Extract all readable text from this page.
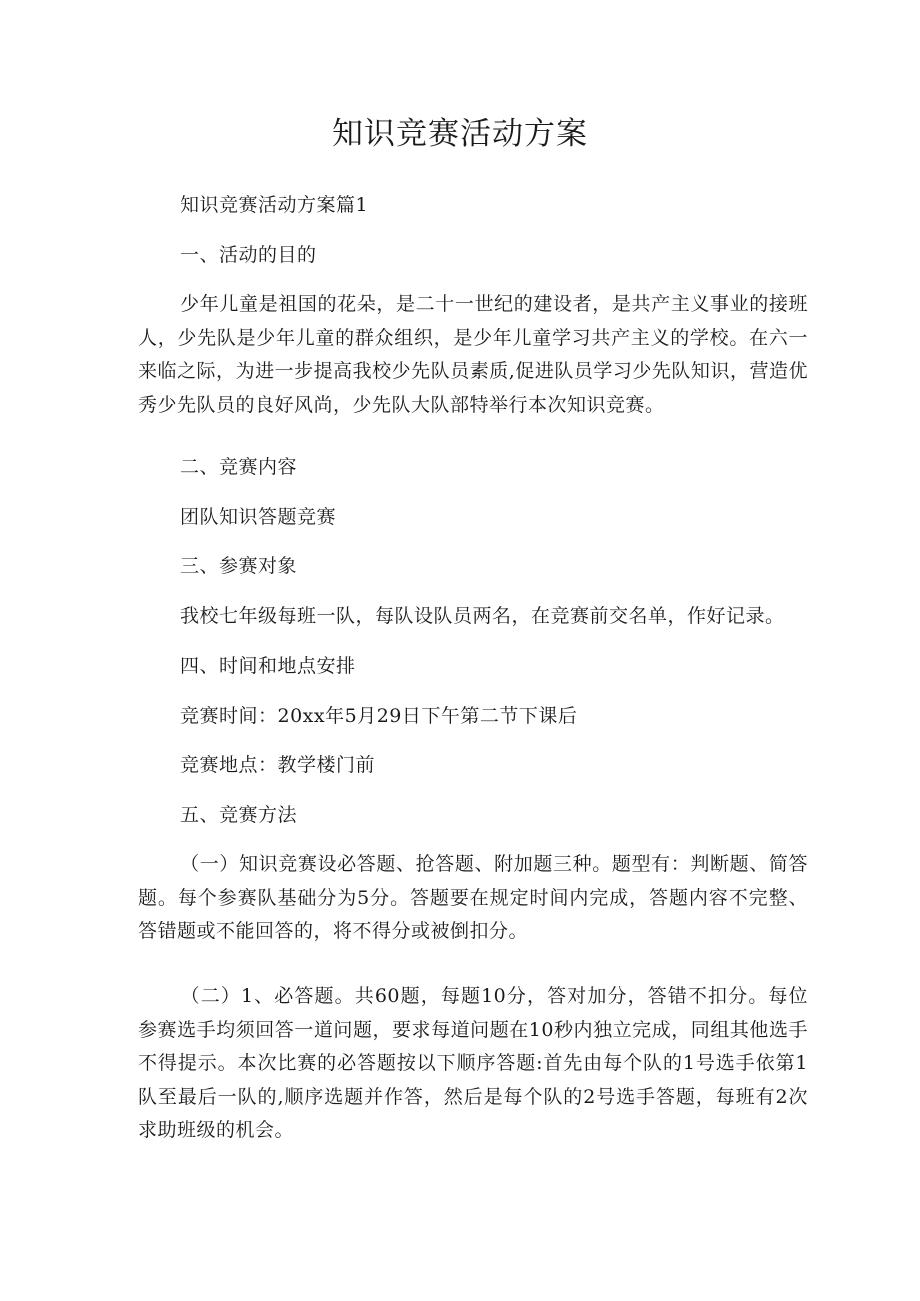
知识竞赛活动方案
知识竞赛活动方案篇1
一、活动的目的
少年儿童是祖国的花朵，是二十一世纪的建设者，是共产主义事业的接班人，少先队是少年儿童的群众组织，是少年儿童学习共产主义的学校。在六一来临之际，为进一步提高我校少先队员素质,促进队员学习少先队知识，营造优秀少先队员的良好风尚，少先队大队部特举行本次知识竞赛。
二、竞赛内容
团队知识答题竞赛
三、参赛对象
我校七年级每班一队，每队设队员两名，在竞赛前交名单，作好记录。
四、时间和地点安排
竞赛时间：20xx年5月29日下午第二节下课后
竞赛地点：教学楼门前
五、竞赛方法
（一）知识竞赛设必答题、抢答题、附加题三种。题型有：判断题、简答题。每个参赛队基础分为5分。答题要在规定时间内完成，答题内容不完整、答错题或不能回答的，将不得分或被倒扣分。
（二）1、必答题。共60题，每题10分，答对加分，答错不扣分。每位参赛选手均须回答一道问题，要求每道问题在10秒内独立完成，同组其他选手不得提示。本次比赛的必答题按以下顺序答题:首先由每个队的1号选手依第1队至最后一队的,顺序选题并作答，然后是每个队的2号选手答题，每班有2次求助班级的机会。
